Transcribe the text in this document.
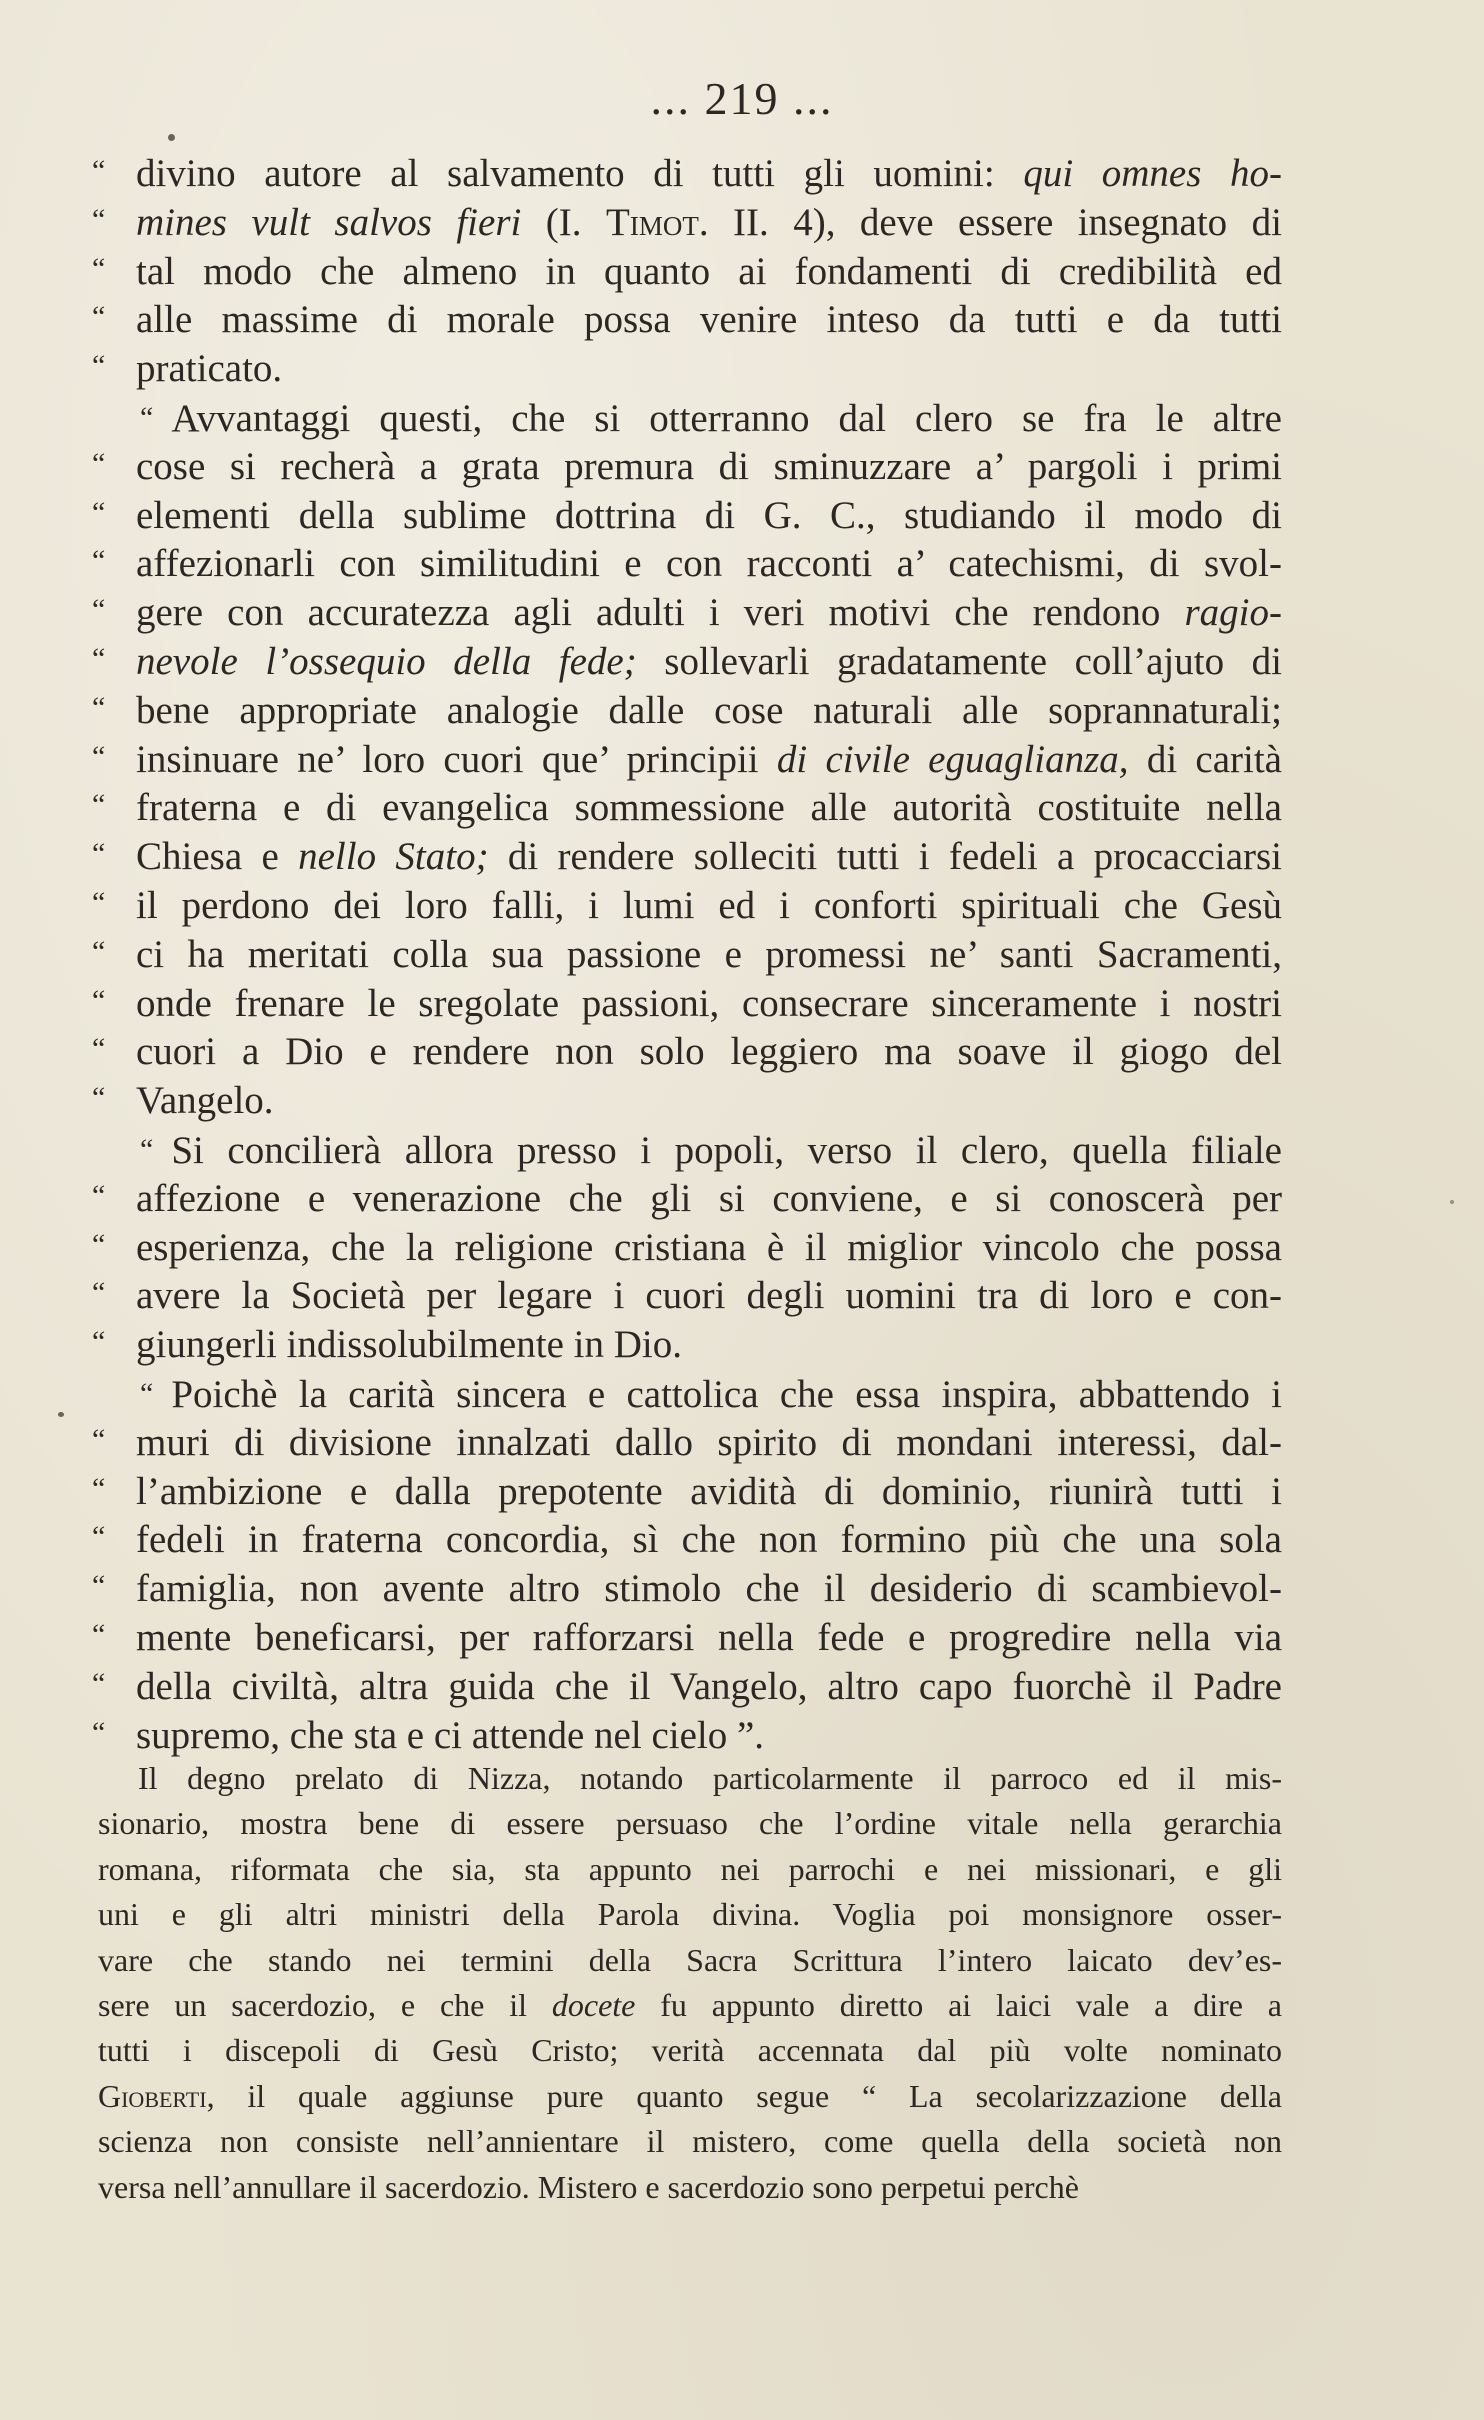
... 219 ...
“ divino autore al salvamento di tutti gli uomini: qui omnes ho-
“ mines vult salvos fieri (I. Timot. II. 4), deve essere insegnato di
“ tal modo che almeno in quanto ai fondamenti di credibilità ed
“ alle massime di morale possa venire inteso da tutti e da tutti
“ praticato.
“ Avvantaggi questi, che si otterranno dal clero se fra le altre
“ cose si recherà a grata premura di sminuzzare a’ pargoli i primi
“ elementi della sublime dottrina di G. C., studiando il modo di
“ affezionarli con similitudini e con racconti a’ catechismi, di svol-
“ gere con accuratezza agli adulti i veri motivi che rendono ragio-
“ nevole l’ossequio della fede; sollevarli gradatamente coll’ajuto di
“ bene appropriate analogie dalle cose naturali alle soprannaturali;
“ insinuare ne’ loro cuori que’ principii di civile eguaglianza, di carità
“ fraterna e di evangelica sommessione alle autorità costituite nella
“ Chiesa e nello Stato; di rendere solleciti tutti i fedeli a procacciarsi
“ il perdono dei loro falli, i lumi ed i conforti spirituali che Gesù
“ ci ha meritati colla sua passione e promessi ne’ santi Sacramenti,
“ onde frenare le sregolate passioni, consecrare sinceramente i nostri
“ cuori a Dio e rendere non solo leggiero ma soave il giogo del
“ Vangelo.
“ Si concilierà allora presso i popoli, verso il clero, quella filiale
“ affezione e venerazione che gli si conviene, e si conoscerà per
“ esperienza, che la religione cristiana è il miglior vincolo che possa
“ avere la Società per legare i cuori degli uomini tra di loro e con-
“ giungerli indissolubilmente in Dio.
“ Poichè la carità sincera e cattolica che essa inspira, abbattendo i
“ muri di divisione innalzati dallo spirito di mondani interessi, dal-
“ l’ambizione e dalla prepotente avidità di dominio, riunirà tutti i
“ fedeli in fraterna concordia, sì che non formino più che una sola
“ famiglia, non avente altro stimolo che il desiderio di scambievol-
“ mente beneficarsi, per rafforzarsi nella fede e progredire nella via
“ della civiltà, altra guida che il Vangelo, altro capo fuorchè il Padre
“ supremo, che sta e ci attende nel cielo ”.
Il degno prelato di Nizza, notando particolarmente il parroco ed il mis-
sionario, mostra bene di essere persuaso che l’ordine vitale nella gerarchia
romana, riformata che sia, sta appunto nei parrochi e nei missionari, e gli
uni e gli altri ministri della Parola divina. Voglia poi monsignore osser-
vare che stando nei termini della Sacra Scrittura l’intero laicato dev’es-
sere un sacerdozio, e che il docete fu appunto diretto ai laici vale a dire a
tutti i discepoli di Gesù Cristo; verità accennata dal più volte nominato
Gioberti, il quale aggiunse pure quanto segue “ La secolarizzazione della
scienza non consiste nell’annientare il mistero, come quella della società non
versa nell’annullare il sacerdozio. Mistero e sacerdozio sono perpetui perchè
